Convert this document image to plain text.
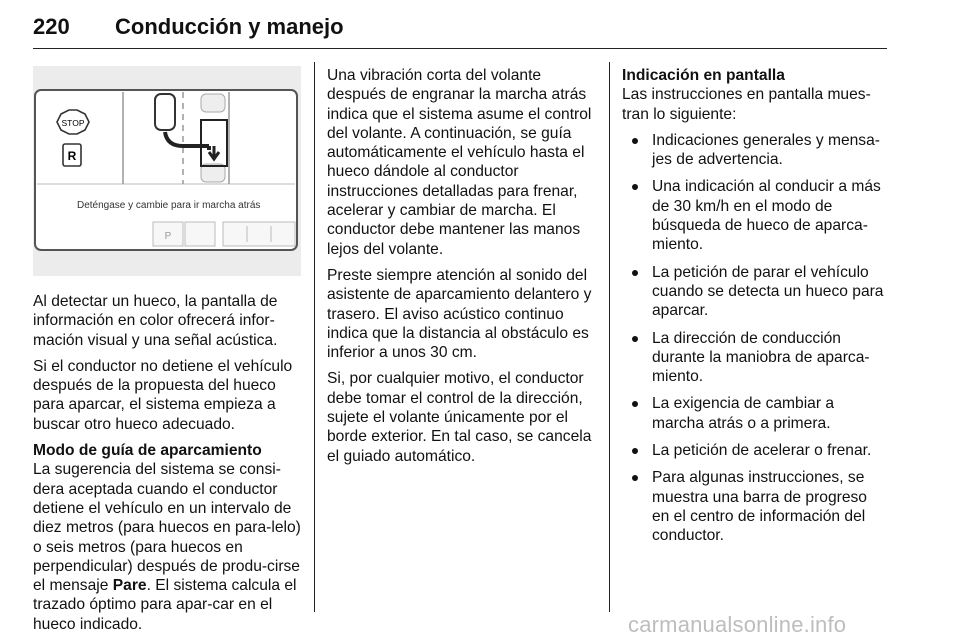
220 Conducción y manejo
STOP
R
Deténgase y cambie para ir marcha atrás
P

Al detectar un hueco, la pantalla de información en color ofrecerá infor-mación visual y una señal acústica.

Si el conductor no detiene el vehículo después de la propuesta del hueco para aparcar, el sistema empieza a buscar otro hueco adecuado.

Modo de guía de aparcamiento
La sugerencia del sistema se consi-dera aceptada cuando el conductor detiene el vehículo en un intervalo de diez metros (para huecos en para-lelo) o seis metros (para huecos en perpendicular) después de produ-cirse el mensaje Pare. El sistema calcula el trazado óptimo para apar-car en el hueco indicado.

Una vibración corta del volante después de engranar la marcha atrás indica que el sistema asume el control del volante. A continuación, se guía automáticamente el vehículo hasta el hueco dándole al conductor instrucciones detalladas para frenar, acelerar y cambiar de marcha. El conductor debe mantener las manos lejos del volante.

Preste siempre atención al sonido del asistente de aparcamiento delantero y trasero. El aviso acústico continuo indica que la distancia al obstáculo es inferior a unos 30 cm.

Si, por cualquier motivo, el conductor debe tomar el control de la dirección, sujete el volante únicamente por el borde exterior. En tal caso, se cancela el guiado automático.

Indicación en pantalla
Las instrucciones en pantalla mues-tran lo siguiente:

Indicaciones generales y mensa-jes de advertencia.
Una indicación al conducir a más de 30 km/h en el modo de búsqueda de hueco de aparca-miento.
La petición de parar el vehículo cuando se detecta un hueco para aparcar.
La dirección de conducción durante la maniobra de aparca-miento.
La exigencia de cambiar a marcha atrás o a primera.
La petición de acelerar o frenar.
Para algunas instrucciones, se muestra una barra de progreso en el centro de información del conductor.
carmanualsonline.info
